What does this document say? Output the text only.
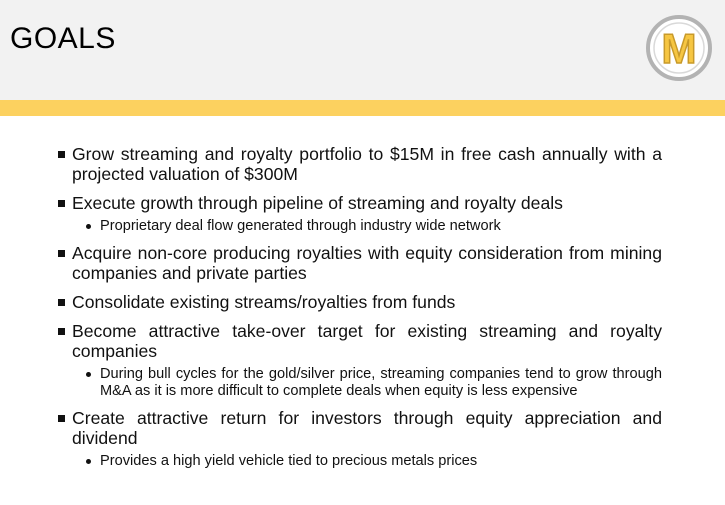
GOALS	M
Grow streaming and royalty portfolio to $15M in free cash annually with a projected valuation of $300M
Execute growth through pipeline of streaming and royalty deals
Proprietary deal flow generated through industry wide network
Acquire non-core producing royalties with equity consideration from mining companies and private parties
Consolidate existing streams/royalties from funds
Become attractive take-over target for existing streaming and royalty companies
During bull cycles for the gold/silver price, streaming companies tend to grow through M&A as it is more difficult to complete deals when equity is less expensive
Create attractive return for investors through equity appreciation and dividend
Provides a high yield vehicle tied to precious metals prices
